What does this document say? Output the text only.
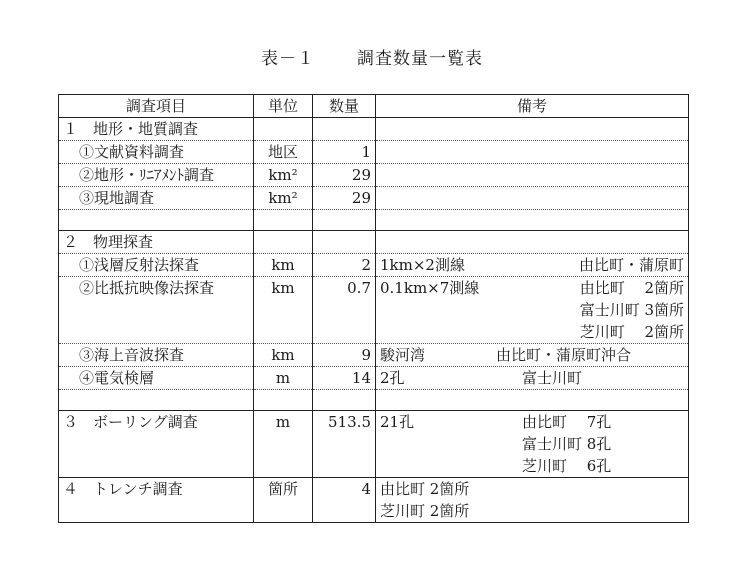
表－１ 調査数量一覧表
調査項目	単位	数量	備考
１　地形・地質調査			
①文献資料調査	地区	1	
②地形・ﾘﾆｱﾒﾝﾄ調査	km²	29	
③現地調査	km²	29	

２　物理探査			
①浅層反射法探査	km	2	1km×2測線 由比町・蒲原町

②比抵抗映像法探査	km	0.7	0.1km×7測線 由比町　 2箇所
富士川町 3箇所
芝川町　 2箇所

③海上音波探査	km	9	駿河湾 由比町・蒲原町沖合

④電気検層	m	14	2孔 富士川町

３　ボーリング調査	m	513.5	21孔 由比町　 7孔
富士川町 8孔
芝川町　 6孔

４　トレンチ調査	箇所	4	由比町 2箇所
芝川町 2箇所
